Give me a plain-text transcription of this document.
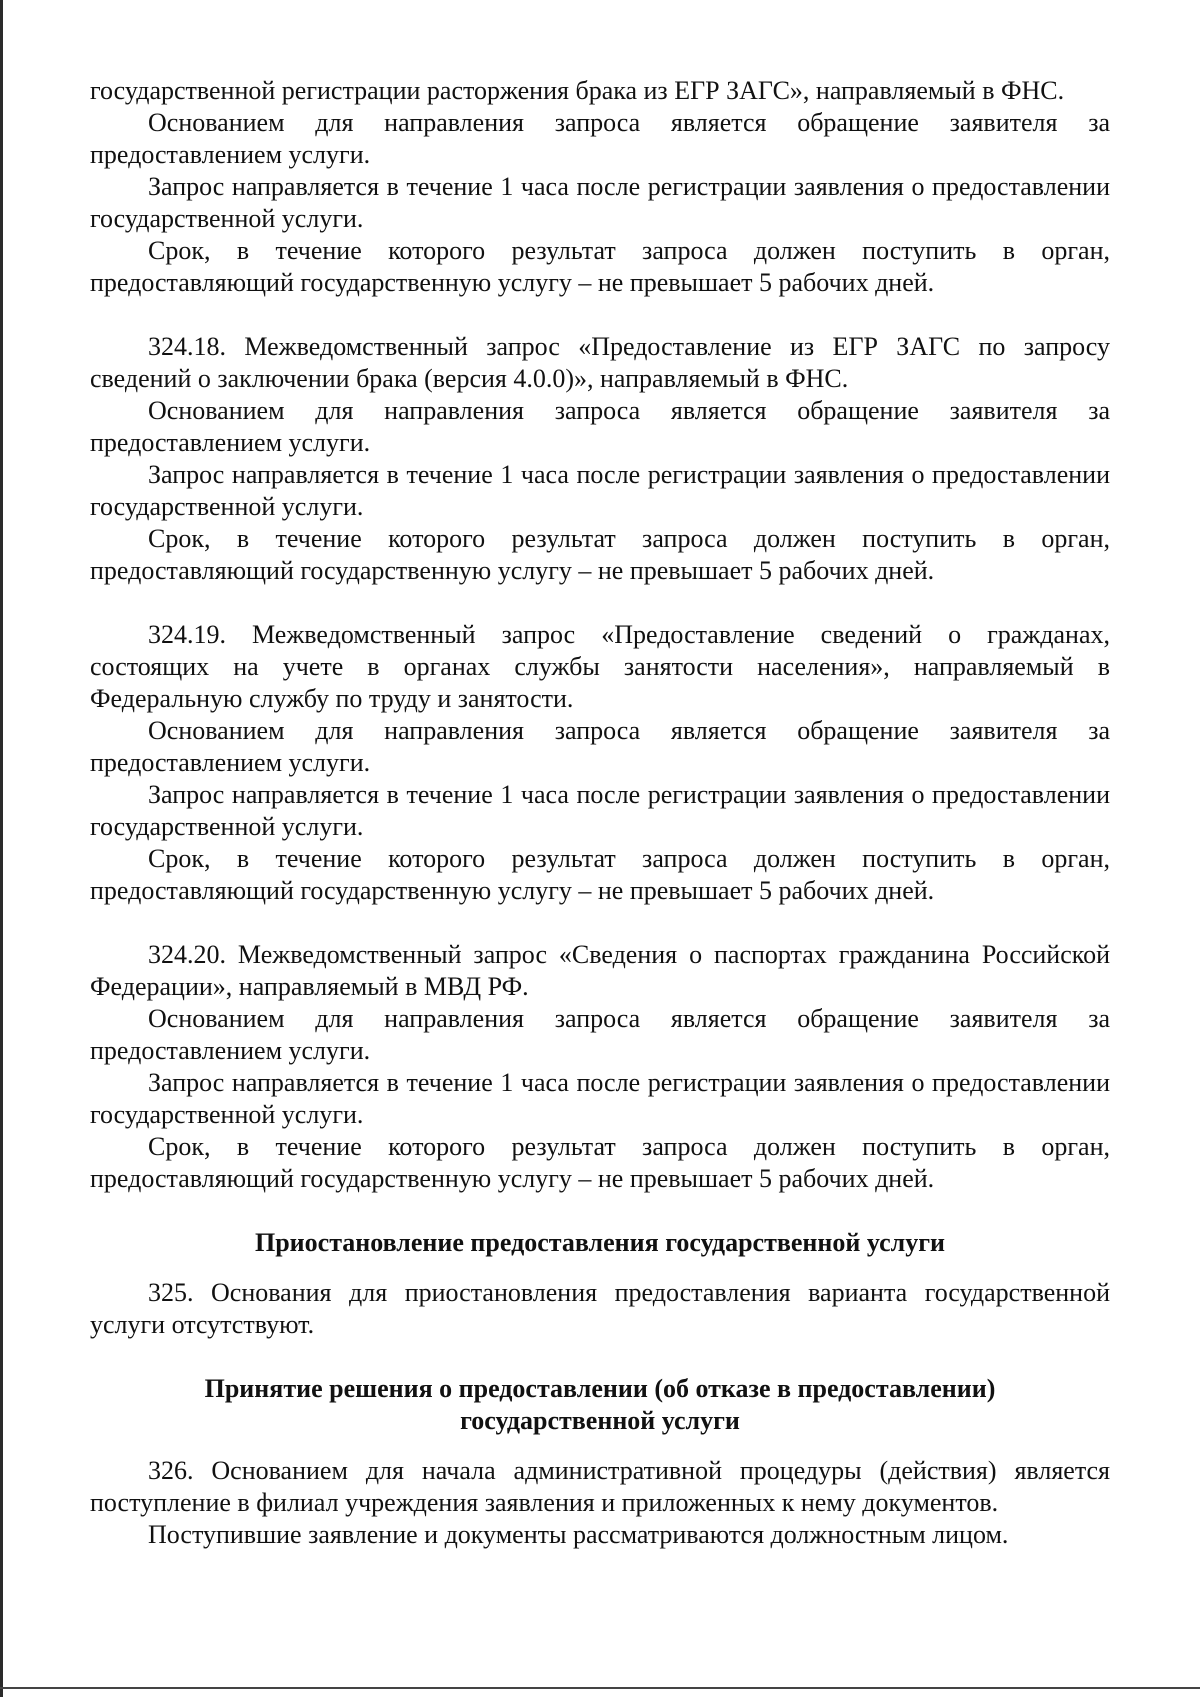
государственной регистрации расторжения брака из ЕГР ЗАГС», направляемый в ФНС.

Основанием для направления запроса является обращение заявителя за предоставлением услуги.

Запрос направляется в течение 1 часа после регистрации заявления о предоставлении государственной услуги.

Срок, в течение которого результат запроса должен поступить в орган, предоставляющий государственную услугу – не превышает 5 рабочих дней.

324.18. Межведомственный запрос «Предоставление из ЕГР ЗАГС по запросу сведений о заключении брака (версия 4.0.0)», направляемый в ФНС.

Основанием для направления запроса является обращение заявителя за предоставлением услуги.

Запрос направляется в течение 1 часа после регистрации заявления о предоставлении государственной услуги.

Срок, в течение которого результат запроса должен поступить в орган, предоставляющий государственную услугу – не превышает 5 рабочих дней.

324.19. Межведомственный запрос «Предоставление сведений о гражданах, состоящих на учете в органах службы занятости населения», направляемый в Федеральную службу по труду и занятости.

Основанием для направления запроса является обращение заявителя за предоставлением услуги.

Запрос направляется в течение 1 часа после регистрации заявления о предоставлении государственной услуги.

Срок, в течение которого результат запроса должен поступить в орган, предоставляющий государственную услугу – не превышает 5 рабочих дней.

324.20. Межведомственный запрос «Сведения о паспортах гражданина Российской Федерации», направляемый в МВД РФ.

Основанием для направления запроса является обращение заявителя за предоставлением услуги.

Запрос направляется в течение 1 часа после регистрации заявления о предоставлении государственной услуги.

Срок, в течение которого результат запроса должен поступить в орган, предоставляющий государственную услугу – не превышает 5 рабочих дней.

Приостановление предоставления государственной услуги

325. Основания для приостановления предоставления варианта государственной услуги отсутствуют.

Принятие решения о предоставлении (об отказе в предоставлении)
государственной услуги

326. Основанием для начала административной процедуры (действия) является поступление в филиал учреждения заявления и приложенных к нему документов.

Поступившие заявление и документы рассматриваются должностным лицом.
